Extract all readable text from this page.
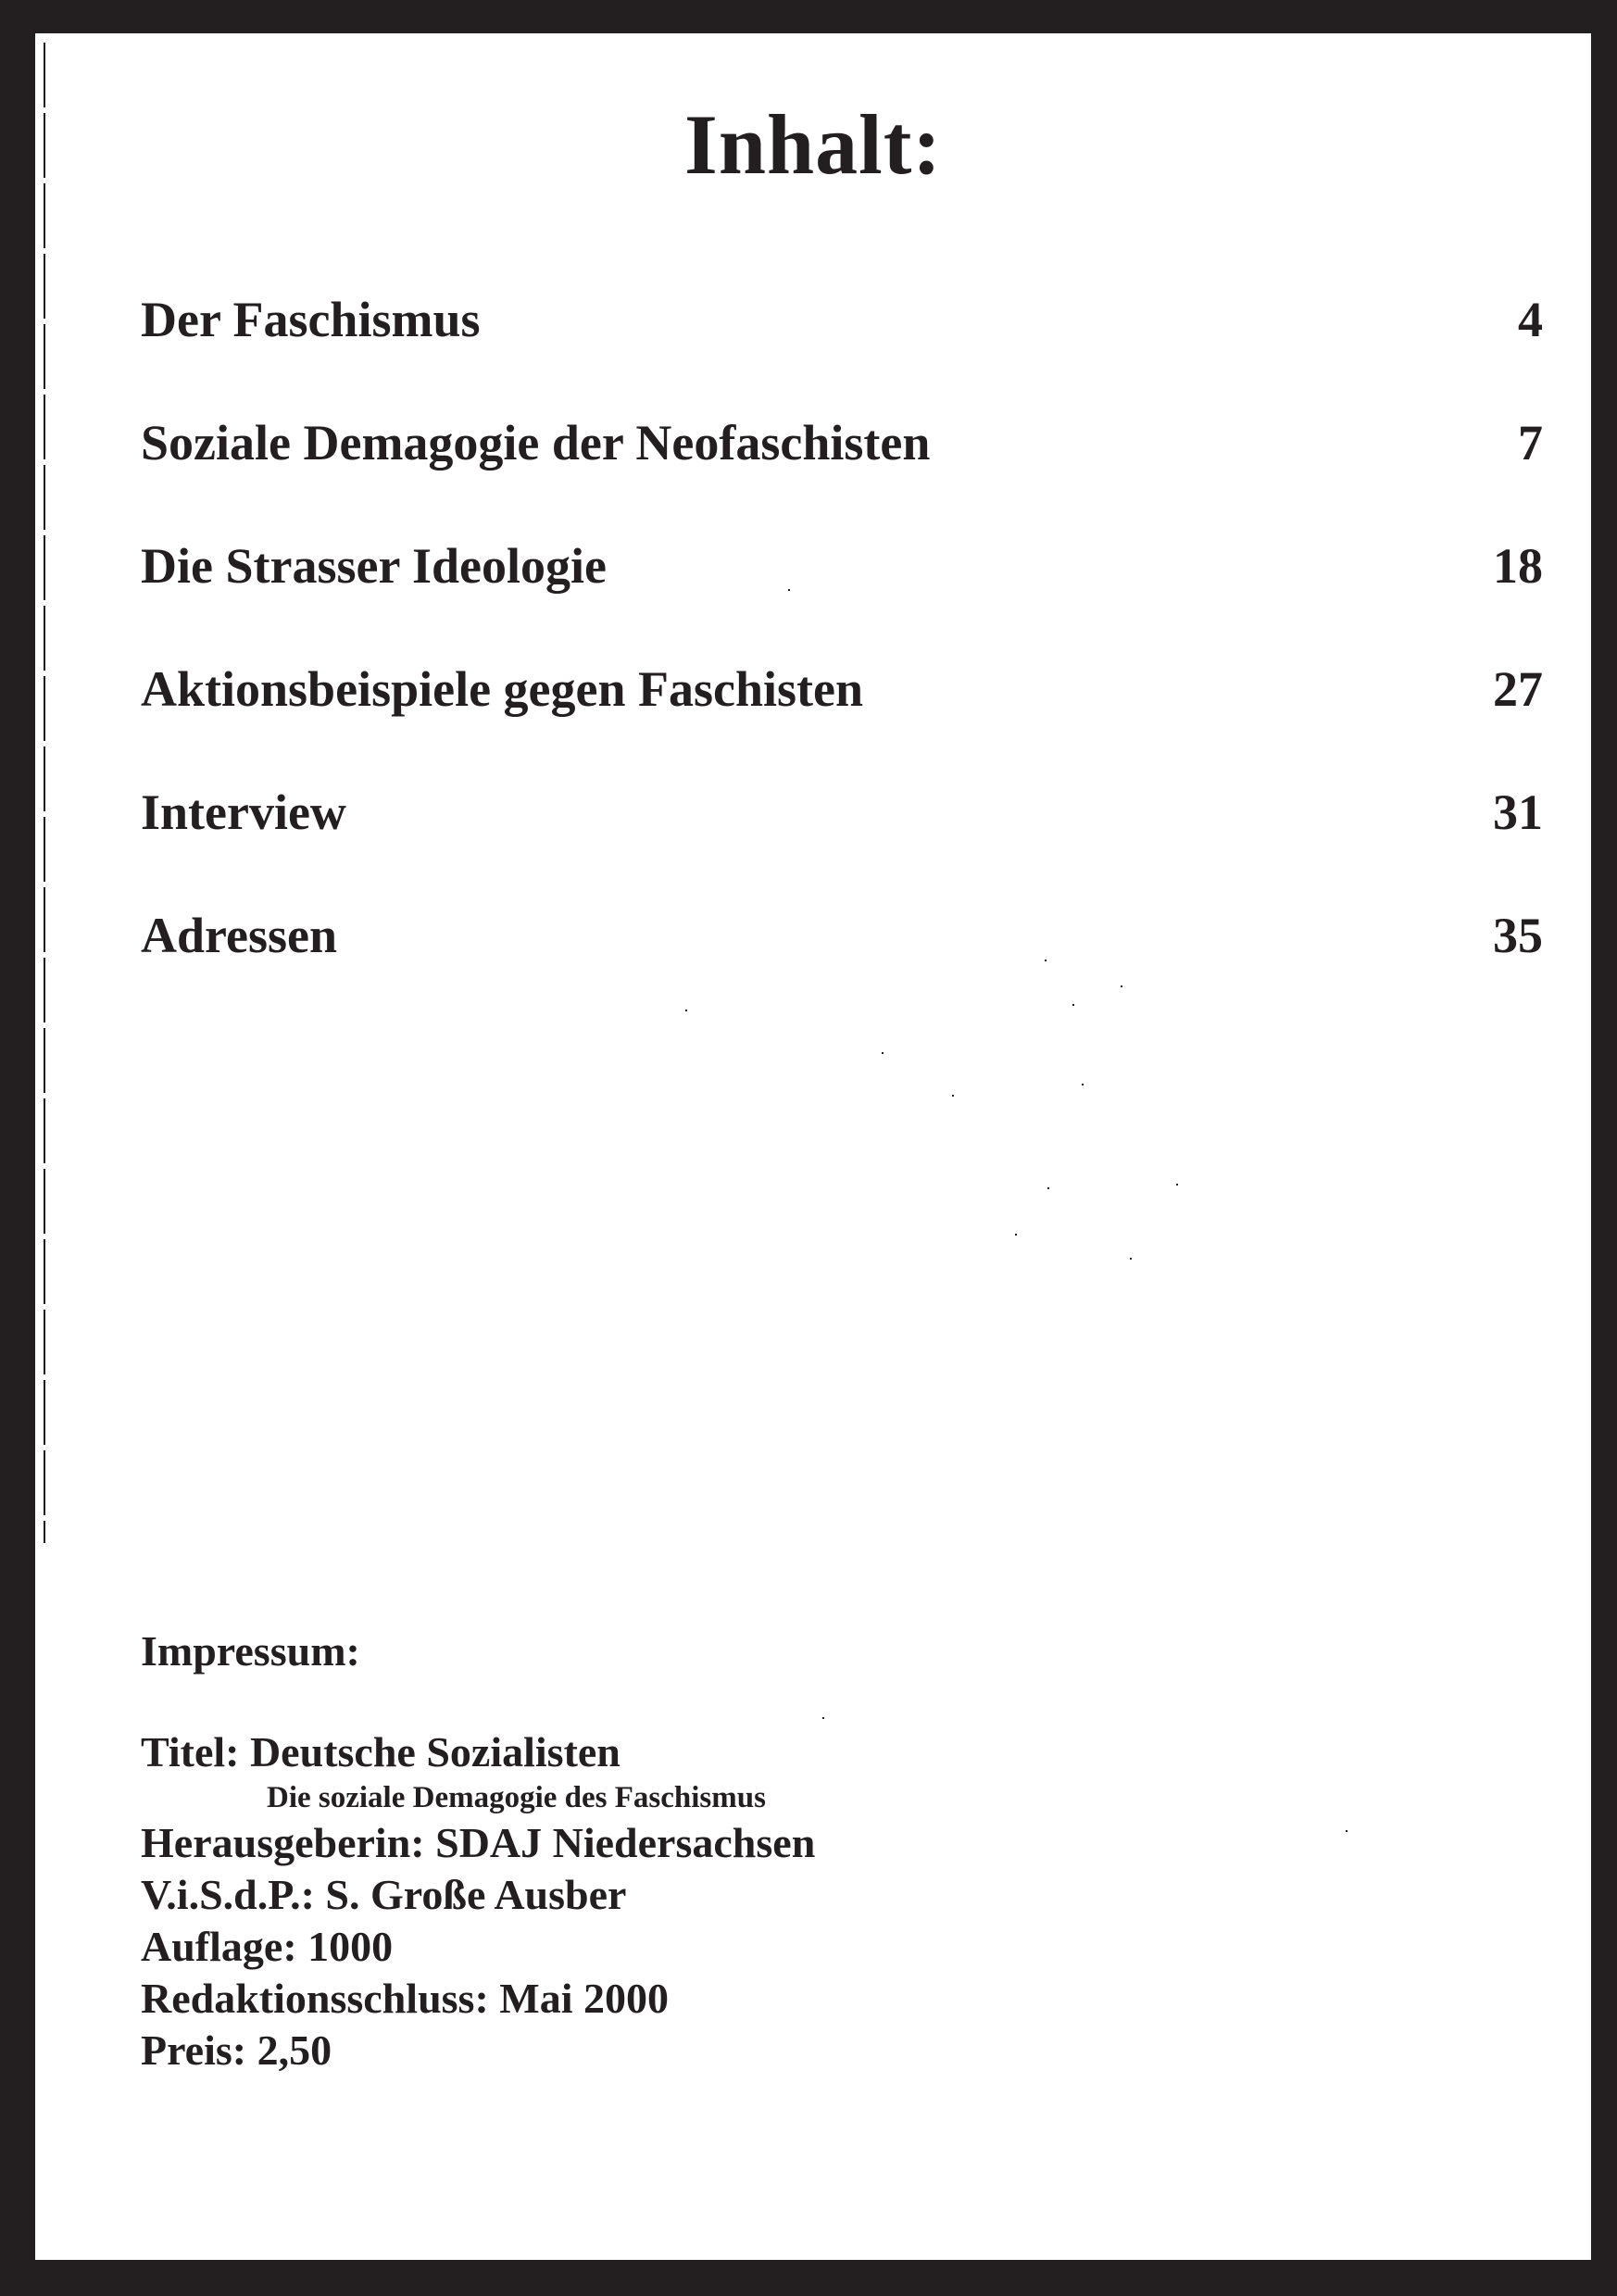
Inhalt:
Der Faschismus	4
Soziale Demagogie der Neofaschisten	7
Die Strasser Ideologie	18
Aktionsbeispiele gegen Faschisten	27
Interview	31
Adressen	35
Impressum:
Titel: Deutsche Sozialisten
Die soziale Demagogie des Faschismus
Herausgeberin: SDAJ Niedersachsen
V.i.S.d.P.: S. Große Ausber
Auflage: 1000
Redaktionsschluss: Mai 2000
Preis: 2,50
